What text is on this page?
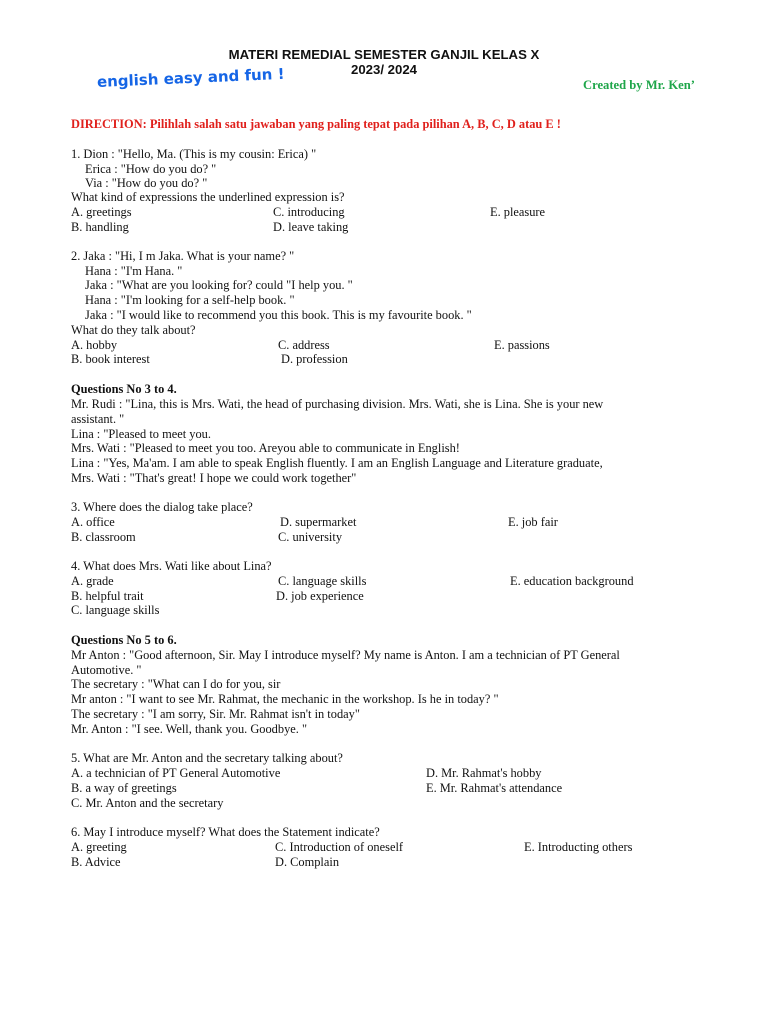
MATERI REMEDIAL SEMESTER GANJIL KELAS X
2023/ 2024
english easy and fun !	Created by Mr. Ken’
DIRECTION: Pilihlah salah satu jawaban yang paling tepat pada pilihan A, B, C, D atau E !
1. Dion : "Hello, Ma. (This is my cousin: Erica) "
Erica : "How do you do? "
Via : "How do you do? "
What kind of expressions the underlined expression is?
A. greetings	C. introducing	E. pleasure
B. handling	D. leave taking
2. Jaka : "Hi, I m Jaka. What is your name? "
Hana : "I'm Hana. "
Jaka : "What are you looking for? could "I help you. "
Hana : "I'm looking for a self-help book. "
Jaka : "I would like to recommend you this book. This is my favourite book. "
What do they talk about?
A. hobby	C. address	E. passions
B. book interest	D. profession
Questions No 3 to 4.
Mr. Rudi : "Lina, this is Mrs. Wati, the head of purchasing division. Mrs. Wati, she is Lina. She is your new
assistant. "
Lina : "Pleased to meet you.
Mrs. Wati : "Pleased to meet you too. Areyou able to communicate in English!
Lina : "Yes, Ma'am. I am able to speak English fluently. I am an English Language and Literature graduate,
Mrs. Wati : "That's great! I hope we could work together"
3. Where does the dialog take place?
A. office	D. supermarket	E. job fair
B. classroom	C. university
4. What does Mrs. Wati like about Lina?
A. grade	C. language skills	E. education background
B. helpful trait	D. job experience
C. language skills
Questions No 5 to 6.
Mr Anton : "Good afternoon, Sir. May I introduce myself? My name is Anton. I am a technician of PT General
Automotive. "
The secretary : "What can I do for you, sir
Mr anton : "I want to see Mr. Rahmat, the mechanic in the workshop. Is he in today? "
The secretary : "I am sorry, Sir. Mr. Rahmat isn't in today"
Mr. Anton : "I see. Well, thank you. Goodbye. "
5. What are Mr. Anton and the secretary talking about?
A. a technician of PT General Automotive	D. Mr. Rahmat's hobby
B. a way of greetings	E. Mr. Rahmat's attendance
C. Mr. Anton and the secretary
6. May I introduce myself? What does the Statement indicate?
A. greeting	C. Introduction of oneself	E. Introducting others
B. Advice	D. Complain
